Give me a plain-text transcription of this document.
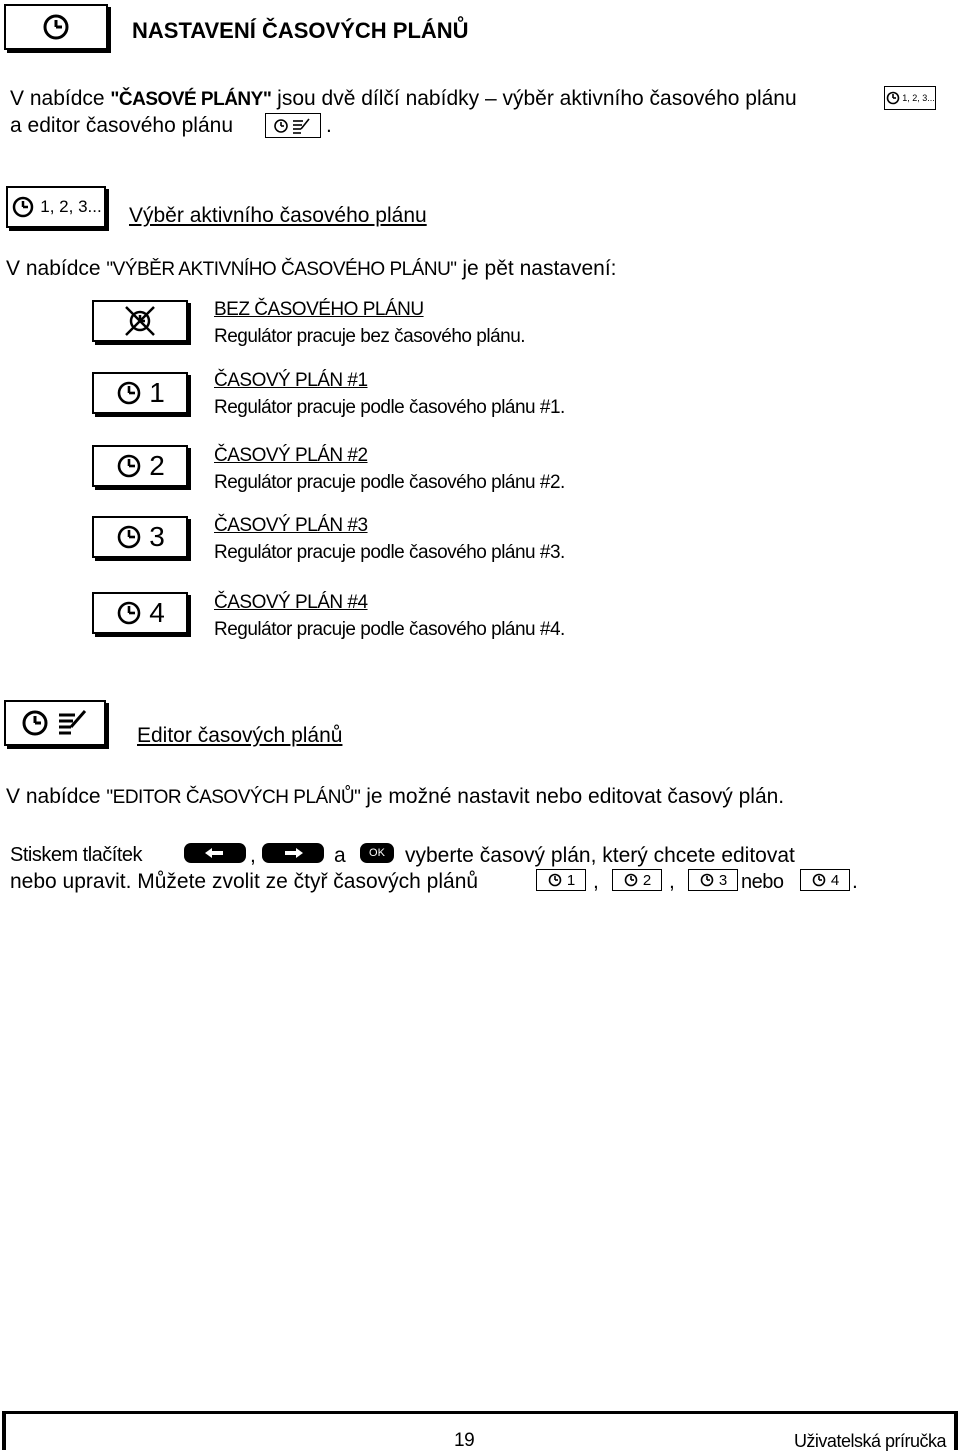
NASTAVENÍ ČASOVÝCH PLÁNŮ
V nabídce "ČASOVÉ PLÁNY" jsou dvě dílčí nabídky – výběr aktivního časového plánu	1, 2, 3...
a editor časového plánu	.
1, 2, 3... Výběr aktivního časového plánu
V nabídce "VÝBĚR AKTIVNÍHO ČASOVÉHO PLÁNU" je pět nastavení:
BEZ ČASOVÉHO PLÁNU
Regulátor pracuje bez časového plánu.
1	ČASOVÝ PLÁN #1
Regulátor pracuje podle časového plánu #1.
2	ČASOVÝ PLÁN #2
Regulátor pracuje podle časového plánu #2.
3	ČASOVÝ PLÁN #3
Regulátor pracuje podle časového plánu #3.
4	ČASOVÝ PLÁN #4
Regulátor pracuje podle časového plánu #4.
Editor časových plánů
V nabídce "EDITOR ČASOVÝCH PLÁNŮ" je možné nastavit nebo editovat časový plán.
Stiskem tlačítek	,	a OK vyberte časový plán, který chcete editovat
nebo upravit. Můžete zvolit ze čtyř časových plánů	1 ,	2 ,	3 nebo	4 .
19	Uživatelská príručka
